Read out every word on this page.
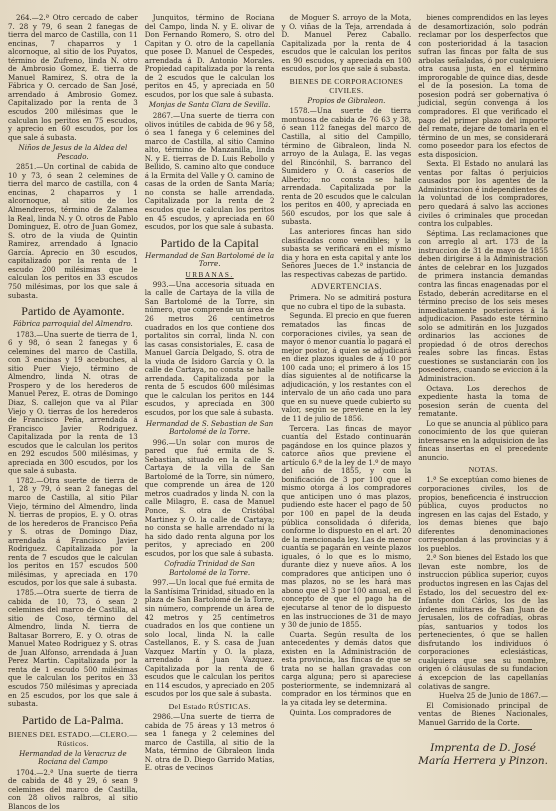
264.—2.ª Otro cercado de caber 7. 28 y 79, 6 sean 2 fanegas de tierra del marco de Castilla, con 11 encinas, 7 chaparros y 1 alcornoque, al sitio de los Puyatos, término de Zufreno, linda N. otro de Ambrosio Gomez, E. tierra de Manuel Ramirez, S. otra de la Fábrica y O. cercado de San José, arrendado á Ambrosio Gomez. Capitalizado por la renta de 3 escudos 200 milésimas que le calculan los peritos en 75 escudos, y aprecio en 60 escudos, por los que sale á subasta.

Niños de Jesus de la Aldea del Pescado.

2851.—Un cortinal de cabida de 10 y 73, ó sean 2 celemines de tierra del marco de castilla, con 4 encinas, 2 chaparros y 1 alcornoque, al sitio de los Almendreros, término de Zalamea la Real, linda N. y O. otros de Pablo Dominguez, E. otro de Juan Gomez, S. otro de la viuda de Quintin Ramirez, arrendado á Ignacio García. Aprecio en 30 escudos, capitalizado por la renta de 1 escudo 200 milésimas que le calculan los peritos en 33 escudos 750 milésimas, por los que sale á subasta.

Partido de Ayamonte.

Fábrica parroquial del Almendro.

1783.—Una suerte de tierra de 1, 6 y 98, ó sean 2 fanegas y 6 celemines del marco de Castilla, con 3 encinas y 19 acebuches, al sitio Puer Viejo, término de Almendro, linda N. otras de Prospero y de los herederos de Manuel Perez, E. otras de Domingo Diaz, S. callejon que va al Pilar Viejo y O. tierras de los herederos de Francisco Peña, arrendada á Francisco Javier Rodriguez. Capitalizada por la renta de 13 escudos que le calculan los peritos en 292 escudos 500 milésimas, y apreciada en 300 escudos, por los que sale á subasta.

1782.—Otra suerte de tierra de 1, 28 y 79, ó sean 2 fanegas del marco de Castilla, al sitio Pilar Viejo, término del Almendro, linda N. tierras de propios, E. y O. otras de los herederos de Francisco Peña y S. otras de Domingo Diaz, arrendada á Francisco Javier Rodriguez. Capitalizada por la renta de 7 escudos que le calculan los peritos en 157 escudos 500 milésimas, y apreciada en 170 escudos, por los que sale á subasta.

1785.—Otra suerte de tierra de cabida de 10, 73, ó sean 2 celemines del marco de Castilla, al sitio de Coso, término del Almendro, linda N. tierra de Baltasar Borrero, E. y O. otras de Manuel Mateo Rodriguez y S. otras de Juan Alfonso, arrendada á Juan Perez Martin. Capitalizada por la renta de 1 escudo 500 milésimas que le calculan los peritos en 33 escudos 750 milésimas y apreciada en 25 escudos, por los que sale á subasta.

Partido de La-Palma.
BIENES DEL ESTADO.—CLERO.— Rústicos.

Hermandad de la Veracruz de Rociana del Campo

1704.—2.ª Una suerte de tierra de cabida de 48 y 29, ó sean 9 celemines del marco de Castilla, con 28 olivos ralbros, al sitio Blancos de los

Junquitos, término de Rociana del Campo, linda N. y E. olivar de Don Fernando Romero, S. otro del Capitan y O. otro de la capellanía que posee D. Manuel de Cespedes, arrendada á D. Antonio Morales. Propiedad capitalizada por la renta de 2 escudos que le calculan los peritos en 45, y apreciada en 50 escudos, por los que sale á subasta.

Monjas de Santa Clara de Sevilla.

2867.—Una suerte de tierra con olivos inútiles de cabida de 96 y 58, ó sea 1 fanega y 6 celemines del marco de Castilla, al sitio Camino alto, término de Manzanilla, linda N. y E. tierras de D. Luis Rebollo y Bellido, S. camino alto que conduce á la Ermita del Valle y O. camino de casas de la orden de Santa María; no consta se halle arrendada. Capitalizada por la renta de 2 escudos que le calculan los peritos en 45 escudos, y apreciada en 60 escudos, por los que sale á subasta.

Partido de la Capital

Hermandad de San Bartolomé de la Torre.

URBANAS.

993.—Una accesoria situada en la calle de Cartaya de la villa de San Bartolomé de la Torre, sin número, que comprende un área de 26 metros 26 centímetros cuadrados en los que contiene dos portalitos sin corral, linda N. con las casas consistoriales, E. casa de Manuel García Delgado, S. otra de la viuda de Isidoro García y O. la calle de Cartaya, no consta se halle arrendada. Capitalizada por la renta de 5 escudos 600 milésimas que le calculan los peritos en 144 escudos, y apreciada en 300 escudos, por los que sale á subasta.

Hermandad de S. Sebastian de San Bartolomé de la Torre.

996.—Un solar con muros de pared que fué ermita de S. Sebastian, situado en la calle de Cartaya de la villa de San Bartolomé de la Torre, sin número, que comprende un área de 120 metros cuadrados y linda N. con la calle Milagro, E. casa de Manuel Ponce, S. otra de Cristóbal Martinez y O. la calle de Cartaya; no consta se halle arrendado ni la ha sido dado renta alguna por los peritos, y apreciado en 200 escudos, por los que sale á subasta.

Cofradía Trinidad de San Bartolomé de la Torre.

997.—Un local que fué ermita de la Santísima Trinidad, situado en la plaza de San Bartolomé de la Torre, sin número, comprende un área de 42 metros y 25 centímetros cuadrados en los que contiene un solo local, linda N. la calle Castellanos, E. y S. casa de Juan Vazquez Martín y O. la plaza, arrendado á Juan Vazquez. Capitalizada por la renta de 6 escudos que le calculan los peritos en 114 escudos, y apreciado en 205 escudos por los que sale á subasta.

Del Estado RÚSTICAS.

2986.—Una suerte de tierra de cabida de 75 áreas y 13 metros ó sea 1 fanega y 2 celemines del marco de Castilla, al sitio de la Mata, término de Gibraleon linda N. otra de D. Diego Garrido Matías, E. otras de vecinos

de Moguer S. arroyo de la Mota, y O. viñas de la Teja, arrendada á D. Manuel Perez Caballo. Capitalizada por la renta de 4 escudos que le calculan los peritos en 90 escudos, y apreciada en 100 escudos, por los que sale á subasta.

BIENES DE CORPORACIONES CIVILES.

Propios de Gibraleon.

1578.—Una suerte de tierra montuosa de cabida de 76 63 y 38, ó sean 112 fanegas del marco de Castilla, al sitio del Campillo, término de Gibraleon, linda N. arroyo de la Aulaga, E. las vegas del Rincónhil, S. barranco del Sumidero y O. á caseríos de Alberto; no consta se halle arrendada. Capitalizada por la renta de 20 escudos que le calculan los peritos en 400, y apreciada en 560 escudos, por los que sale á subasta.

Las anteriores fincas han sido clasificadas como vendibles; y la subasta se verificará en el mismo dia y hora en esta capital y ante los Señores Jueces de 1.ª instancia de las respectivas cabezas de partido.

ADVERTENCIAS.

Primera. No se admitirá postura que no cubra el tipo de la subasta.

Segunda. El precio en que fueren rematados las fincas de corporaciones civiles, ya sean de mayor ó menor cuantía lo pagará el mejor postor, á quien se adjudicará en diez plazos iguales de á 10 por 100 cada uno; el primero á los 15 días siguientes al de notificarse la adjudicación, y los restantes con el intervalo de un año cada uno para que en su nueve quede cubierto su valor, según se previene en la ley de 11 de julio de 1856.

Tercera. Las fincas de mayor cuantía del Estado continuarán pagándose en los quince plazos y catorce años que previene el artículo 6.º de la ley de 1.º de mayo del año de 1855, y con la bonificación de 3 por 100 que el mismo otorga á los compradores que anticipen uno ó mas plazos, pudiendo este hacer el pago de 50 por 100 en papel de la deuda pública consolidada ó diferida, conforme lo dispuesto en el art. 20 de la mencionada ley. Las de menor cuantía se pagarán en veinte plazos iguales, ó lo que es lo mismo, durante diez y nueve años. A los compradores que anticipen uno ó mas plazos, no se les hará mas abono que el 3 por 100 anual, en el concepto de que el pago ha de ejecutarse al tenor de lo dispuesto en las instrucciones de 31 de mayo y 30 de junio de 1855.

Cuarta. Según resulta de los antecedentes y demás datos que existen en la Administración de esta provincia, las fincas de que se trata no se hallan gravadas con carga alguna; pero si apareciese posteriormente, se indemnizará al comprador en los términos que en la ya citada ley se determina.

Quinta. Los compradores de

bienes comprendidos en las leyes de desamortización, solo podrán reclamar por los desperfectos que con posterioridad á la tasacion sufran las fincas por falta de sus arbolas señaladas, ó por cualquiera otra causa justa, en el término improrogable de quince dias, desde el de la posesion. La toma de posesion podrá ser gobernativa ó judicial, según convenga á los compradores. El que verificado el pago del primer plazo del importe del remate, dejare de tomarla en el término de un mes, se considerará como poseedor para los efectos de esta disposicion.

Sexta. El Estado no anulará las ventas por faltas ó perjuicios causados por los agentes de la Administracion é independientes de la voluntad de los compradores, pero quedará á salvo las acciones civiles ó criminales que procedan contra los culpables.

Séptima. Las reclamaciones que con arreglo al art. 173 de la instruccion de 31 de mayo de 1855 deben dirigirse á la Administracion ántes de celebrar en los Juzgados de primera instancia demandas contra las fincas enagenadas por el Estado, deberán acreditarse en el término preciso de los seis meses inmediatamente posteriores á la adjudicacion. Pasado este término solo se admitirán en los Juzgados ordinarios las acciones de propiedad ó de otros derechos reales sobre las fincas. Estas cuestiones se sustanciarán con los poseedores, cuando se eviccion á la Administracion.

Octava. Los derechos de expediente hasta la toma de posesion serán de cuenta del rematante.

Lo que se anuncia al público para conocimiento de los que quieran interesarse en la adquisicion de las fincas insertas en el precedente anuncio.

NOTAS.

1.ª Se exceptúan como bienes de corporaciones civiles, los de propios, beneficencia é instruccion pública, cuyos productos no ingresen en las cajas del Estado, y los demas bienes que bajo diferentes denominaciones correspondan á las provincias y á los pueblos.

2.ª Son bienes del Estado los que llevan este nombre, los de instruccion pública superior, cuyos productos ingresen en las Cajas del Estado, los del secuestro del ex-Infante don Cárlos, los de las órdenes militares de San Juan de Jerusalen, los de cofradías, obras pías, santuarios y todos los pertenecientes, ó que se hallen disfrutando los individuos ó corporaciones eclesiásticas, cualquiera que sea su nombre, origen ó cláusulas de su fundacion á excepcion de las capellanías colativas de sangre.

Huelva 25 de Junio de 1867.—

El Comisionado principal de ventas de Bienes Nacionales, Manuel Garrido de la Corte.

Imprenta de D. José María Herrera y Pinzon.
